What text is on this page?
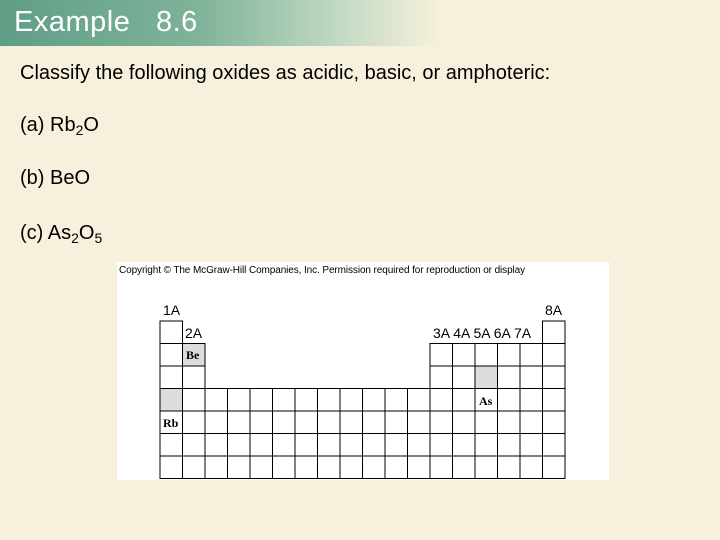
Example   8.6
Classify the following oxides as acidic, basic, or amphoteric:
(a) $Rb_2O$
(b) BeO
(c) $As_2O_5$
Copyright © The McGraw-Hill Companies, Inc. Permission required for reproduction or display
1A
2A	3A 4A 5A 6A 7A
8A
Be
Rb
As
